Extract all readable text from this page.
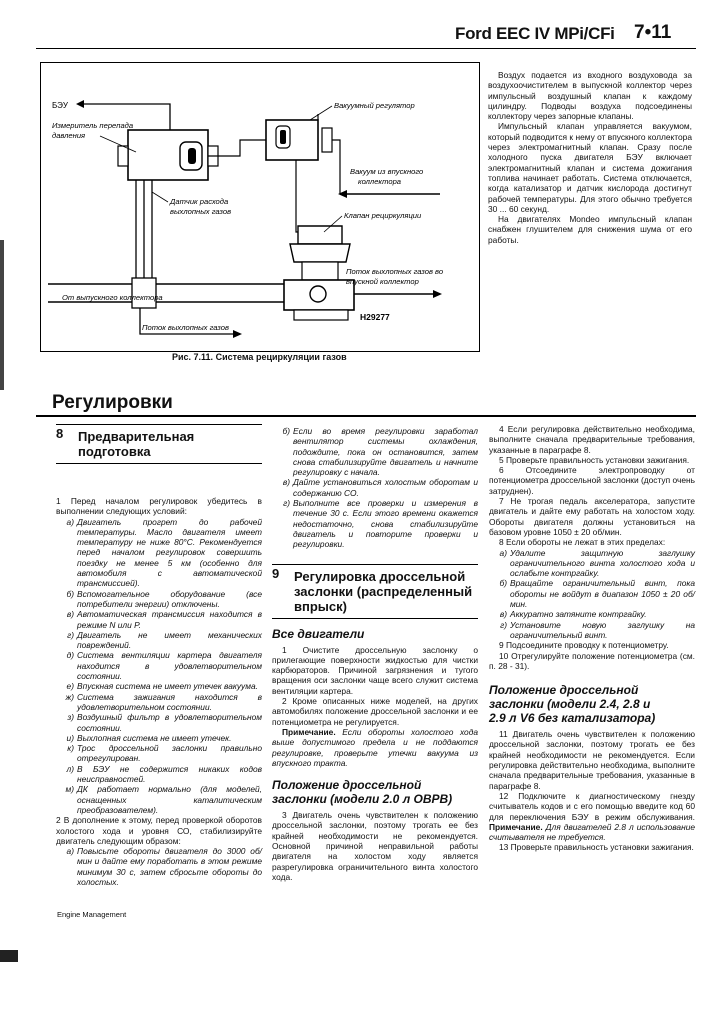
Ford EEC IV MPi/CFi 7•11
БЭУ
Измеритель перепада
давления
Вакуумный регулятор
Вакуум из впускного
коллектора
Датчик расхода
выхлопных газов	Клапан рециркуляции
Поток выхлопных газов во
впускной коллектор
От выпускного коллектора
Поток выхлопных газов
H29277
Рис. 7.11. Система рециркуляции газов

Воздух подается из входного воздуховода за воздухоочистителем в выпускной коллектор через импульсный воздушный клапан к каждому цилиндру. Подводы воздуха подсоединены коллектору через запорные клапаны.

Импульсный клапан управляется вакуумом, который подводится к нему от впускного коллектора через электромагнитный клапан. Сразу после холодного пуска двигателя БЭУ включает электромагнитный клапан и система дожигания топлива начинает работать. Система отключается, когда катализатор и датчик кислорода достигнут рабочей температуры. Для этого обычно требуется 30 ... 60 секунд.

На двигателях Mondeo импульсный клапан снабжен глушителем для снижения шума от его работы.

Регулировки
8 Предварительная
подготовка

1 Перед началом регулировок убедитесь в выполнении следующих условий:

а) Двигатель прогрет до рабочей температуры. Масло двигателя имеет температуру не ниже 80°С. Рекомендуется перед началом регулировок совершить поездку не менее 5 км (особенно для автомобиля с автоматической трансмиссией).
б) Вспомогательное оборудование (все потребители энергии) отключены.
в) Автоматическая трансмиссия находится в режиме N или P.
г) Двигатель не имеет механических повреждений.
д) Система вентиляции картера двигателя находится в удовлетворительном состоянии.
е) Впускная система не имеет утечек вакуума.
ж) Система зажигания находится в удовлетворительном состоянии.
з) Воздушный фильтр в удовлетворительном состоянии.
и) Выхлопная система не имеет утечек.
к) Трос дроссельной заслонки правильно отрегулирован.
л) В БЭУ не содержится никаких кодов неисправностей.
м) ДК работает нормально (для моделей, оснащенных каталитическим преобразователем).

2 В дополнение к этому, перед проверкой оборотов холостого хода и уровня СО, стабилизируйте двигатель следующим образом:

а) Повысьте обороты двигателя до 3000 об/мин и дайте ему поработать в этом режиме минимум 30 с, затем сбросьте обороты до холостых.
б) Если во время регулировки заработал вентилятор системы охлаждения, подождите, пока он остановится, затем снова стабилизируйте двигатель и начните регулировку с начала.
в) Дайте установиться холостым оборотам и содержанию СО.
г) Выполните все проверки и измерения в течение 30 с. Если этого времени окажется недостаточно, снова стабилизируйте двигатель и повторите проверки и регулировки.
9 Регулировка дроссельной
заслонки (распределенный
впрыск)
Все двигатели

1 Очистите дроссельную заслонку о прилегающие поверхности жидкостью для чистки карбюраторов. Причиной загрязнения и тугого вращения оси заслонки чаще всего служит система вентиляции картера.

2 Кроме описанных ниже моделей, на других автомобилях положение дроссельной заслонки и ее потенциометра не регулируется.

Примечание. Если обороты холостого хода выше допустимого предела и не поддаются регулировке, проверьте утечки вакуума из впускного тракта.

Положение дроссельной
заслонки (модели 2.0 л ОВРВ)

3 Двигатель очень чувствителен к положению дроссельной заслонки, поэтому трогать ее без крайней необходимости не рекомендуется. Основной причиной неправильной работы двигателя на холостом ходу является разрегулировка ограничительного винта холостого хода.

4 Если регулировка действительно необходима, выполните сначала предварительные требования, указанные в параграфе 8.

5 Проверьте правильность установки зажигания.

6 Отсоедините электропроводку от потенциометра дроссельной заслонки (доступ очень затруднен).

7 Не трогая педаль акселератора, запустите двигатель и дайте ему работать на холостом ходу. Обороты двигателя должны установиться на базовом уровне 1050 ± 20 об/мин.

8 Если обороты не лежат в этих пределах:

а) Удалите защитную заглушку ограничительного винта холостого хода и ослабьте контргайку.
б) Вращайте ограничительный винт, пока обороты не войдут в диапазон 1050 ± 20 об/мин.
в) Аккуратно затяните контргайку.
г) Установите новую заглушку на ограничительный винт.

9 Подсоедините проводку к потенциометру.

10 Отрегулируйте положение потенциометра (см. п. 28 - 31).

Положение дроссельной
заслонки (модели 2.4, 2.8 и
2.9 л V6 без катализатора)

11 Двигатель очень чувствителен к положению дроссельной заслонки, поэтому трогать ее без крайней необходимости не рекомендуется. Если регулировка действительно необходима, выполните сначала предварительные требования, указанные в параграфе 8.

12 Подключите к диагностическому гнезду считыватель кодов и с его помощью введите код 60 для переключения БЭУ в режим обслуживания. Примечание. Для двигателей 2.8 л использование считывателя не требуется.

13 Проверьте правильность установки зажигания.

Engine Management
